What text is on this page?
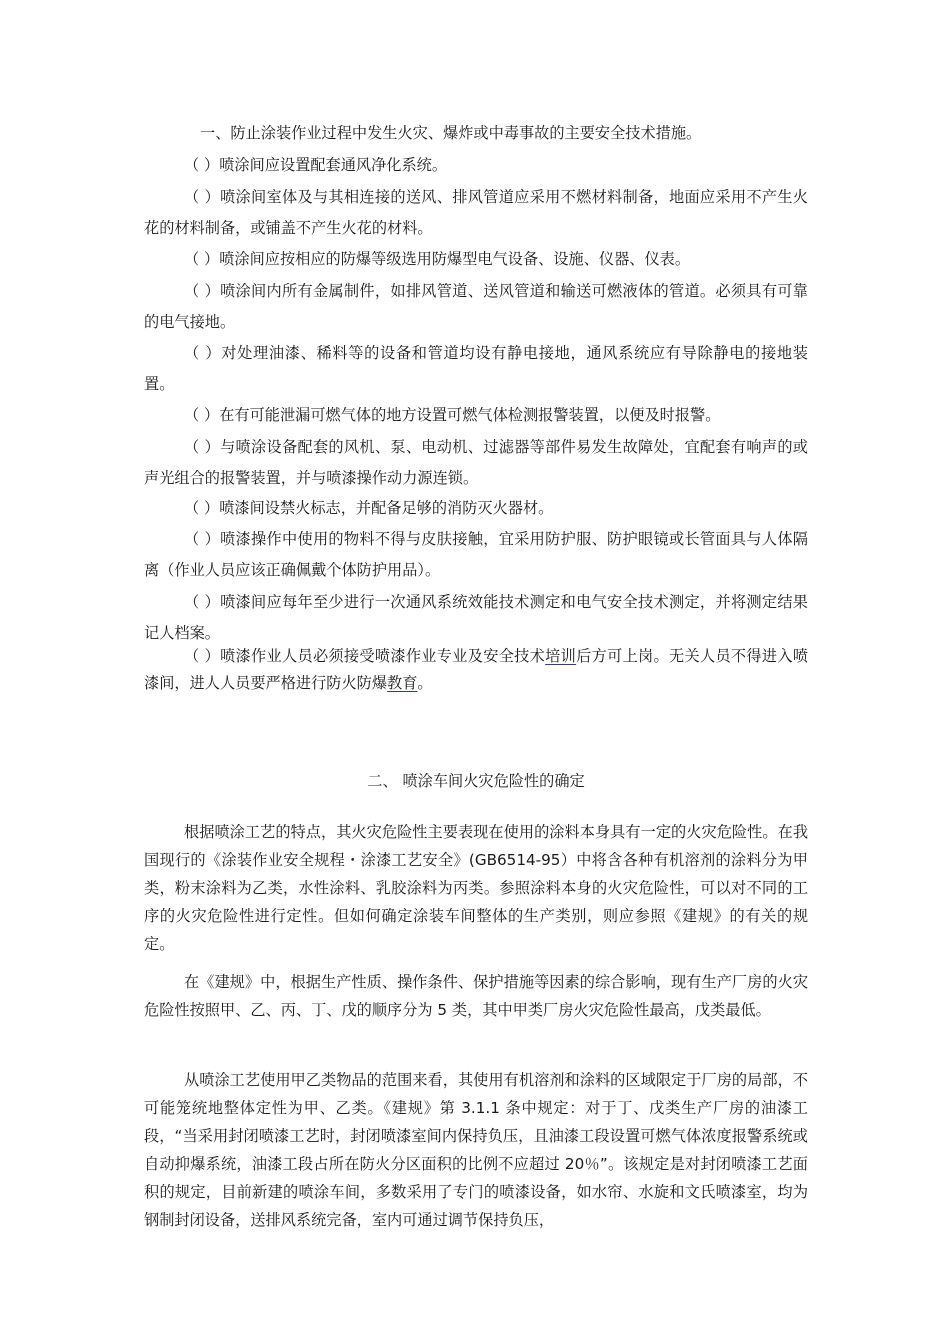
一、防止涂装作业过程中发生火灾、爆炸或中毒事故的主要安全技术措施。

（ ）喷涂间应设置配套通风净化系统。

（ ）喷涂间室体及与其相连接的送风、排风管道应采用不燃材料制备，地面应采用不产生火花的材料制备，或铺盖不产生火花的材料。

（ ）喷涂间应按相应的防爆等级选用防爆型电气设备、设施、仪器、仪表。

（ ）喷涂间内所有金属制件，如排风管道、送风管道和输送可燃液体的管道。必须具有可靠的电气接地。

（ ）对处理油漆、稀料等的设备和管道均设有静电接地，通风系统应有导除静电的接地装置。

（ ）在有可能泄漏可燃气体的地方设置可燃气体检测报警装置，以便及时报警。

（ ）与喷涂设备配套的风机、泵、电动机、过滤器等部件易发生故障处，宜配套有响声的或声光组合的报警装置，并与喷漆操作动力源连锁。

（ ）喷漆间设禁火标志，并配备足够的消防灭火器材。

（ ）喷漆操作中使用的物料不得与皮肤接触，宜采用防护服、防护眼镜或长管面具与人体隔离（作业人员应该正确佩戴个体防护用品）。

（ ）喷漆间应每年至少进行一次通风系统效能技术测定和电气安全技术测定，并将测定结果记人档案。

（ ）喷漆作业人员必须接受喷漆作业专业及安全技术培训后方可上岗。无关人员不得进入喷漆间，进人人员要严格进行防火防爆教育。

二、 喷涂车间火灾危险性的确定

根据喷涂工艺的特点，其火灾危险性主要表现在使用的涂料本身具有一定的火灾危险性。在我国现行的《涂装作业安全规程・涂漆工艺安全》(GB6514-95）中将含各种有机溶剂的涂料分为甲类，粉末涂料为乙类，水性涂料、乳胶涂料为丙类。参照涂料本身的火灾危险性，可以对不同的工序的火灾危险性进行定性。但如何确定涂装车间整体的生产类别，则应参照《建规》的有关的规定。

在《建规》中，根据生产性质、操作条件、保护措施等因素的综合影响，现有生产厂房的火灾危险性按照甲、乙、丙、丁、戊的顺序分为 5 类，其中甲类厂房火灾危险性最高，戊类最低。

从喷涂工艺使用甲乙类物品的范围来看，其使用有机溶剂和涂料的区域限定于厂房的局部，不可能笼统地整体定性为甲、乙类。《建规》第 3.1.1 条中规定：对于丁、戊类生产厂房的油漆工段，“当采用封闭喷漆工艺时，封闭喷漆室间内保持负压，且油漆工段设置可燃气体浓度报警系统或自动抑爆系统，油漆工段占所在防火分区面积的比例不应超过 20％”。该规定是对封闭喷漆工艺面积的规定，目前新建的喷涂车间，多数采用了专门的喷漆设备，如水帘、水旋和文氏喷漆室，均为钢制封闭设备，送排风系统完备，室内可通过调节保持负压，
